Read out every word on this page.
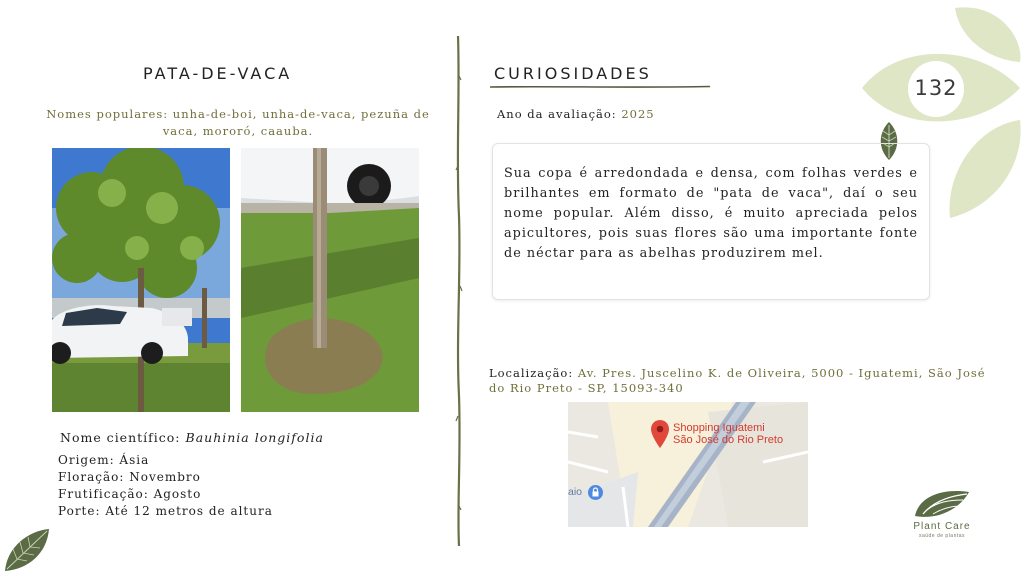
132
PATA-DE-VACA
Nomes populares: unha-de-boi, unha-de-vaca, pezuña de
vaca, mororó, caauba.
Nome científico: Bauhinia longifolia
Origem: Ásia
Floração: Novembro
Frutificação: Agosto
Porte: Até 12 metros de altura
CURIOSIDADES
Ano da avaliação: 2025

Sua copa é arredondada e densa, com folhas verdes e brilhantes em formato de "pata de vaca", daí o seu nome popular. Além disso, é muito apreciada pelos apicultores, pois suas flores são uma importante fonte de néctar para as abelhas produzirem mel.

Localização: Av. Pres. Juscelino K. de Oliveira, 5000 - Iguatemi, São José
do Rio Preto - SP, 15093-340
Shopping Iguatemi
São José do Rio Preto
aio
Plant Care
saúde de plantas
